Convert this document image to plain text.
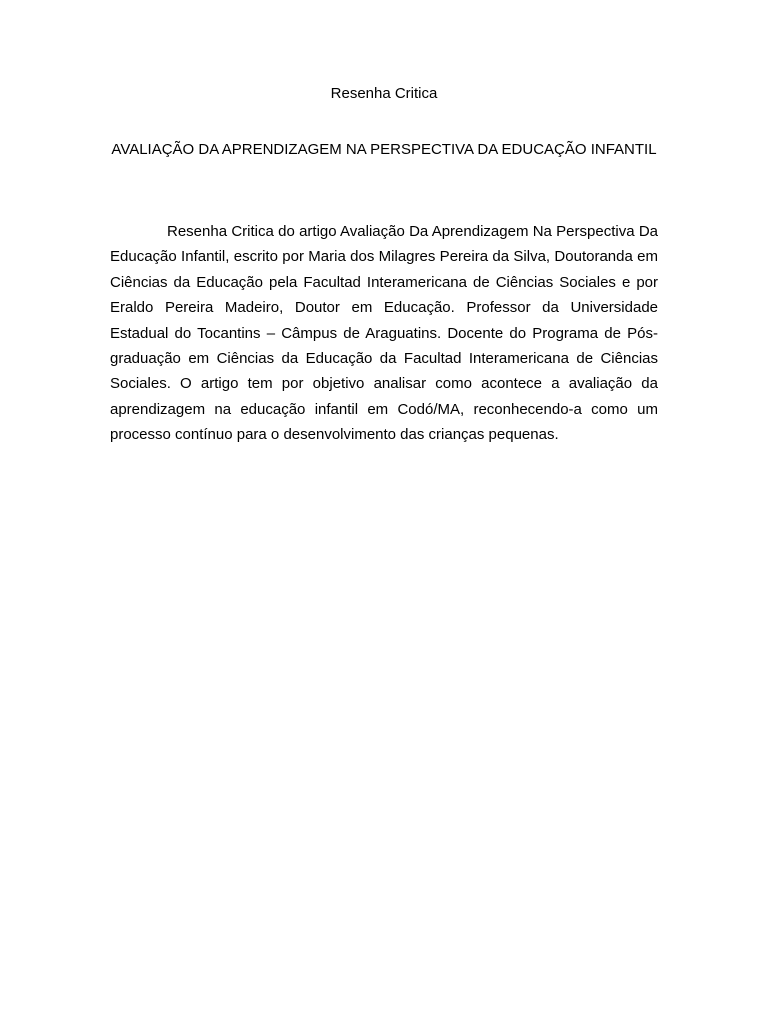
Resenha Critica
AVALIAÇÃO DA APRENDIZAGEM NA PERSPECTIVA DA EDUCAÇÃO INFANTIL

Resenha Critica do artigo Avaliação Da Aprendizagem Na Perspectiva Da Educação Infantil, escrito por Maria dos Milagres Pereira da Silva, Doutoranda em Ciências da Educação pela Facultad Interamericana de Ciências Sociales e por Eraldo Pereira Madeiro, Doutor em Educação. Professor da Universidade Estadual do Tocantins – Câmpus de Araguatins. Docente do Programa de Pós-graduação em Ciências da Educação da Facultad Interamericana de Ciências Sociales. O artigo tem por objetivo analisar como acontece a avaliação da aprendizagem na educação infantil em Codó/MA, reconhecendo-a como um processo contínuo para o desenvolvimento das crianças pequenas.
